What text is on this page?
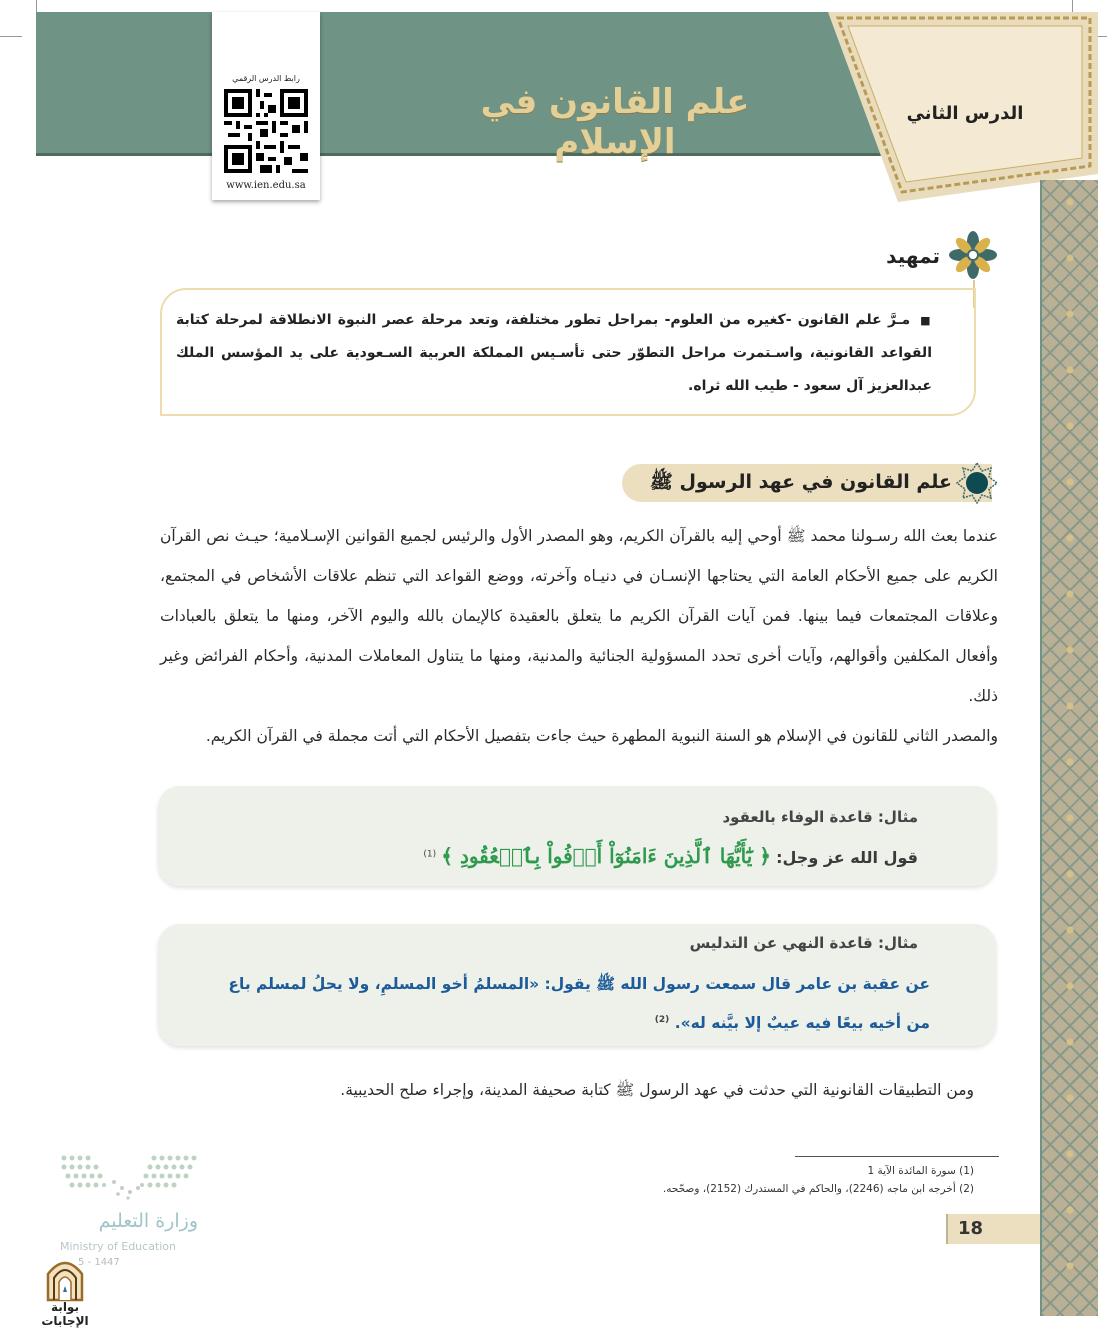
الدرس الثاني
علم القانون في الإسلام
رابط الدرس الرقمي
www.ien.edu.sa
تمهيد
■ مـرَّ علم القانون -كغيره من العلوم- بمراحل تطور مختلفة، وتعد مرحلة عصر النبوة الانطلاقة لمرحلة كتابة القواعد القانونية، واسـتمرت مراحل التطوّر حتى تأسـيس المملكة العربية السـعودية على يد المؤسس الملك عبدالعزيز آل سعود - طيب الله ثراه.
علم القانون في عهد الرسول ﷺ
عندما بعث الله رسـولنا محمد ﷺ أوحي إليه بالقرآن الكريم، وهو المصدر الأول والرئيس لجميع القوانين الإسـلامية؛ حيـث نص القرآن الكريم على جميع الأحكام العامة التي يحتاجها الإنسـان في دنيـاه وآخرته، ووضع القواعد التي تنظم علاقات الأشخاص في المجتمع، وعلاقات المجتمعات فيما بينها. فمن آيات القرآن الكريم ما يتعلق بالعقيدة كالإيمان بالله واليوم الآخر، ومنها ما يتعلق بالعبادات وأفعال المكلفين وأقوالهم، وآيات أخرى تحدد المسؤولية الجنائية والمدنية، ومنها ما يتناول المعاملات المدنية، وأحكام الفرائض وغير ذلك.
والمصدر الثاني للقانون في الإسلام هو السنة النبوية المطهرة حيث جاءت بتفصيل الأحكام التي أتت مجملة في القرآن الكريم.
مثال: قاعدة الوفاء بالعقود
قول الله عز وجل: ﴿ يَٰٓأَيُّهَا ٱلَّذِينَ ءَامَنُوٓاْ أَوۡفُواْ بِٱلۡعُقُودِ ﴾ $^{(1)}$
مثال: قاعدة النهي عن التدليس
عن عقبة بن عامر قال سمعت رسول الله ﷺ يقول: «المسلمُ أخو المسلمِ، ولا يحلُ لمسلم باع من أخيه بيعًا فيه عيبٌ إلا بيَّنه له». $^{(2)}$
ومن التطبيقات القانونية التي حدثت في عهد الرسول ﷺ كتابة صحيفة المدينة، وإجراء صلح الحديبية.
(1) سورة المائدة الآية 1
(2) أخرجه ابن ماجه (2246)، والحاكم في المستدرك (2152)، وصحّحه.
18
وزارة التعليم
Ministry of Education
5 - 1447
بوابة الإجابات
